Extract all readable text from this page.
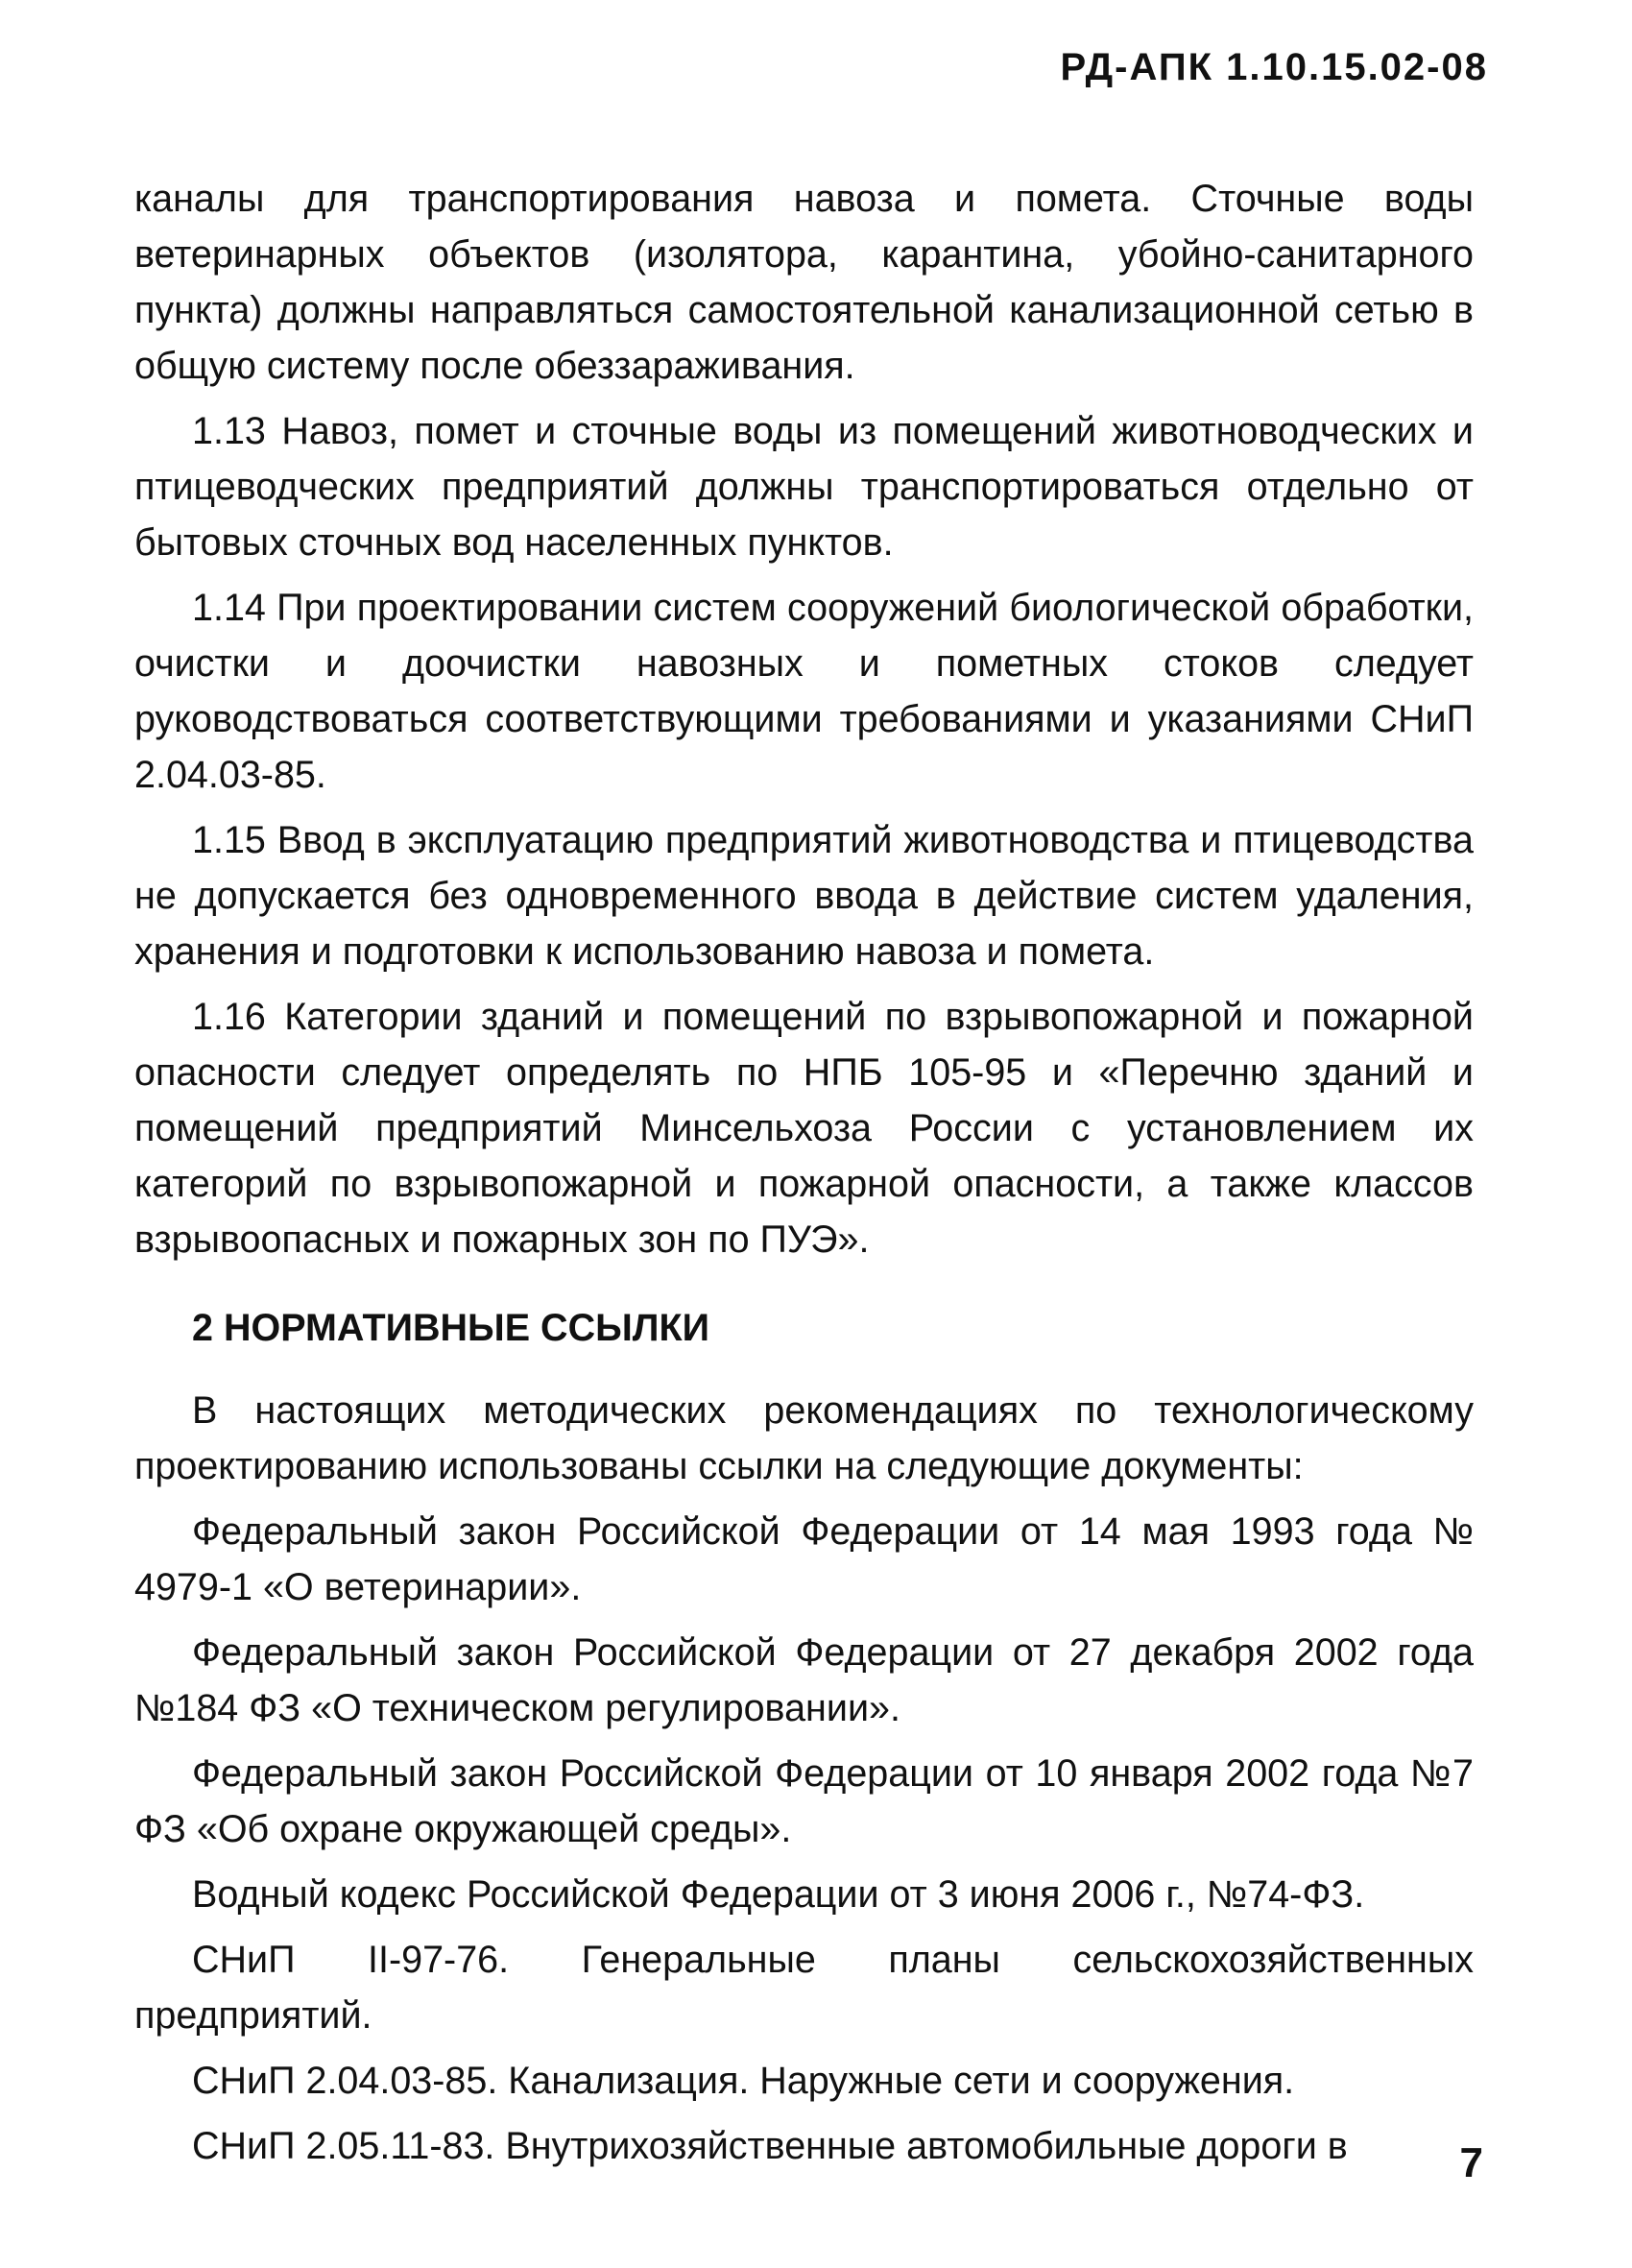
РД-АПК 1.10.15.02-08

каналы для транспортирования навоза и помета. Сточные воды ветеринарных объектов (изолятора, карантина, убойно-санитарного пункта) должны направляться самостоятельной канализационной сетью в общую систему после обеззараживания.

1.13 Навоз, помет и сточные воды из помещений животноводческих и птицеводческих предприятий должны транспортироваться отдельно от бытовых сточных вод населенных пунктов.

1.14 При проектировании систем сооружений биологической обработки, очистки и доочистки навозных и пометных стоков следует руководствоваться соответствующими требованиями и указаниями СНиП 2.04.03-85.

1.15 Ввод в эксплуатацию предприятий животноводства и птицеводства не допускается без одновременного ввода в действие систем удаления, хранения и подготовки к использованию навоза и помета.

1.16 Категории зданий и помещений по взрывопожарной и пожарной опасности следует определять по НПБ 105-95 и «Перечню зданий и помещений предприятий Минсельхоза России с установлением их категорий по взрывопожарной и пожарной опасности, а также классов взрывоопасных и пожарных зон по ПУЭ».

2 НОРМАТИВНЫЕ ССЫЛКИ

В настоящих методических рекомендациях по технологическому проектированию использованы ссылки на следующие документы:

Федеральный закон Российской Федерации от 14 мая 1993 года № 4979-1 «О ветеринарии».

Федеральный закон Российской Федерации от 27 декабря 2002 года №184 ФЗ «О техническом регулировании».

Федеральный закон Российской Федерации от 10 января 2002 года №7 ФЗ «Об охране окружающей среды».

Водный кодекс Российской Федерации от 3 июня 2006 г., №74-ФЗ.

СНиП II-97-76. Генеральные планы сельскохозяйственных предприятий.

СНиП 2.04.03-85. Канализация. Наружные сети и сооружения.

СНиП 2.05.11-83. Внутрихозяйственные автомобильные дороги в	7
